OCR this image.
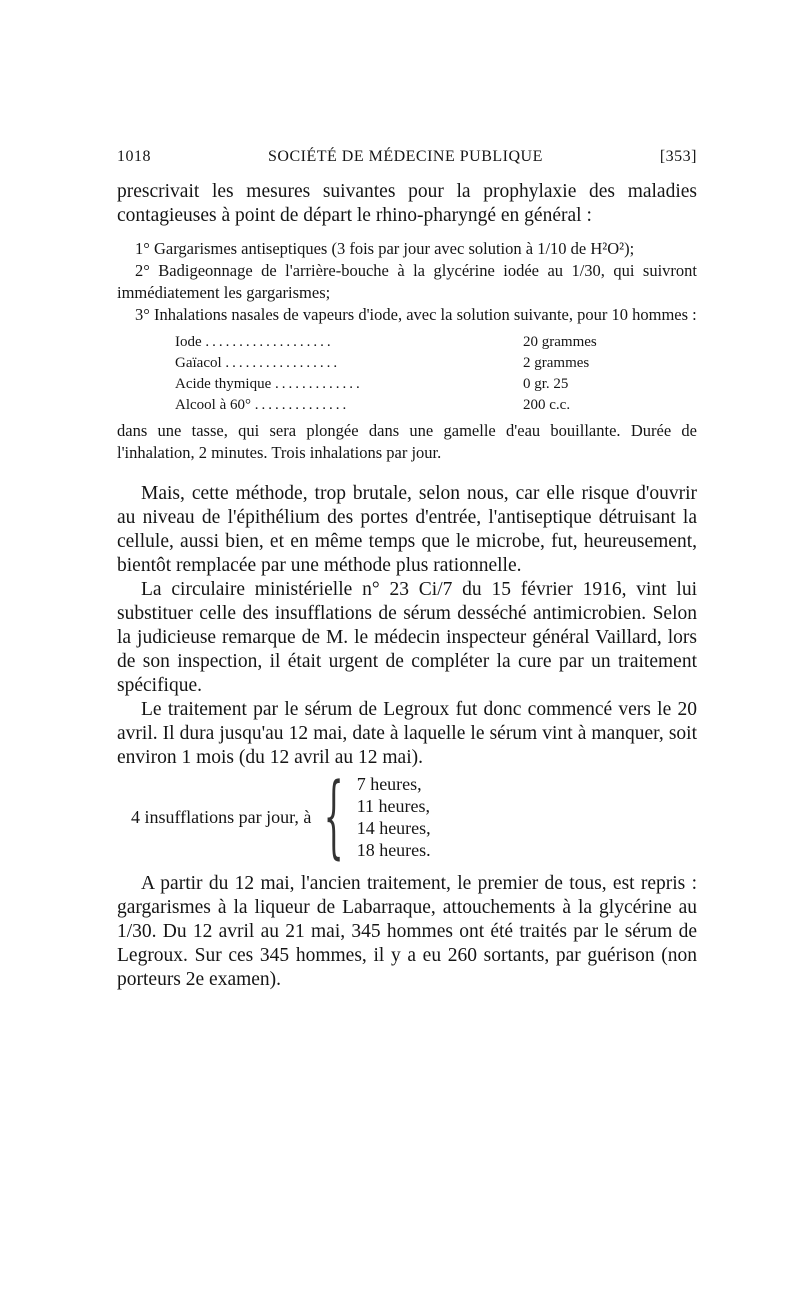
1018	SOCIÉTÉ DE MÉDECINE PUBLIQUE	[353]

prescrivait les mesures suivantes pour la prophylaxie des maladies contagieuses à point de départ le rhino-pharyngé en général :

1° Gargarismes antiseptiques (3 fois par jour avec solution à 1/10 de H²O²);

2° Badigeonnage de l'arrière-bouche à la glycérine iodée au 1/30, qui suivront immédiatement les gargarismes;

3° Inhalations nasales de vapeurs d'iode, avec la solution suivante, pour 10 hommes :

Iode ...................	20 grammes
Gaïacol .................	2 grammes
Acide thymique .............	0 gr. 25
Alcool à 60° ..............	200 c.c.

dans une tasse, qui sera plongée dans une gamelle d'eau bouillante. Durée de l'inhalation, 2 minutes. Trois inhalations par jour.

Mais, cette méthode, trop brutale, selon nous, car elle risque d'ouvrir au niveau de l'épithélium des portes d'entrée, l'antiseptique détruisant la cellule, aussi bien, et en même temps que le microbe, fut, heureusement, bientôt remplacée par une méthode plus rationnelle.

La circulaire ministérielle n° 23 Ci/7 du 15 février 1916, vint lui substituer celle des insufflations de sérum desséché antimicrobien. Selon la judicieuse remarque de M. le médecin inspecteur général Vaillard, lors de son inspection, il était urgent de compléter la cure par un traitement spécifique.

Le traitement par le sérum de Legroux fut donc commencé vers le 20 avril. Il dura jusqu'au 12 mai, date à laquelle le sérum vint à manquer, soit environ 1 mois (du 12 avril au 12 mai).

4 insufflations par jour, à { 7 heures,
11 heures,
14 heures,
18 heures.

A partir du 12 mai, l'ancien traitement, le premier de tous, est repris : gargarismes à la liqueur de Labarraque, attouchements à la glycérine au 1/30. Du 12 avril au 21 mai, 345 hommes ont été traités par le sérum de Legroux. Sur ces 345 hommes, il y a eu 260 sortants, par guérison (non porteurs 2e examen).
